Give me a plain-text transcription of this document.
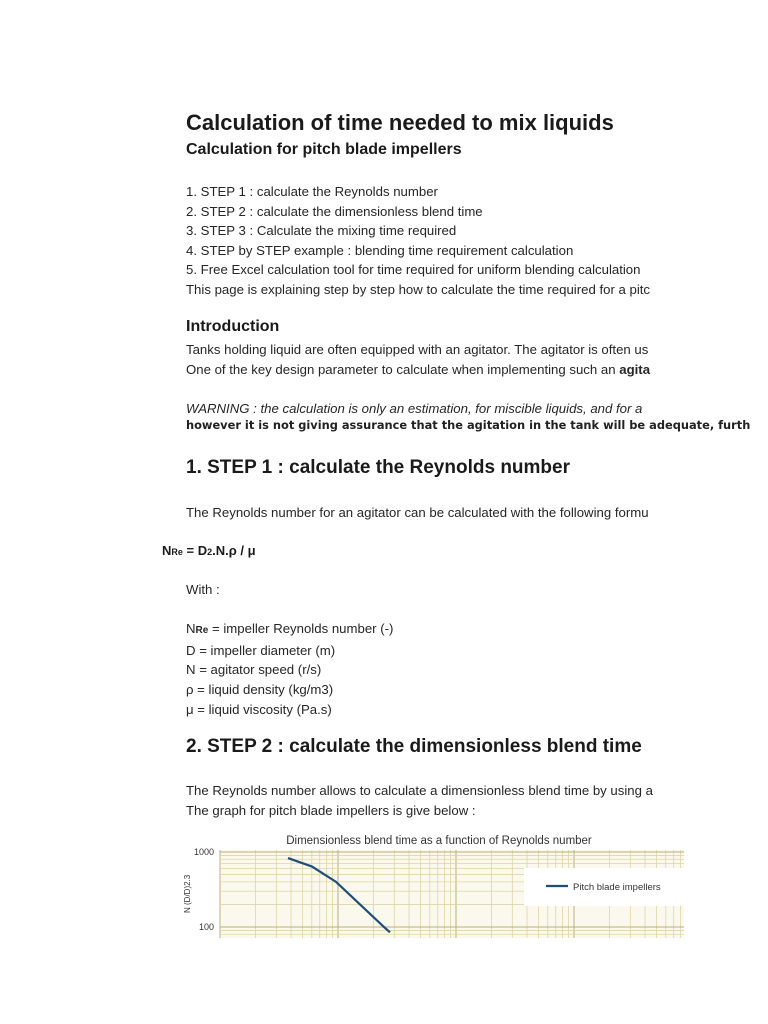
Calculation of time needed to mix liquids
Calculation for pitch blade impellers
1. STEP 1 : calculate the Reynolds number
2. STEP 2 : calculate the dimensionless blend time
3. STEP 3 : Calculate the mixing time required
4. STEP by STEP example : blending time requirement calculation
5. Free Excel calculation tool for time required for uniform blending calculation
This page is explaining step by step how to calculate the time required for a pitc
Introduction
Tanks holding liquid are often equipped with an agitator. The agitator is often us
One of the key design parameter to calculate when implementing such an agita
WARNING : the calculation is only an estimation, for miscible liquids, and for a
however it is not giving assurance that the agitation in the tank will be adequate, furth
1. STEP 1 : calculate the Reynolds number
The Reynolds number for an agitator can be calculated with the following formu
NRe = D2.N.ρ / μ
With :
NRe = impeller Reynolds number (-)
D = impeller diameter (m)
N = agitator speed (r/s)
ρ = liquid density (kg/m3)
μ = liquid viscosity (Pa.s)
2. STEP 2 : calculate the dimensionless blend time
The Reynolds number allows to calculate a dimensionless blend time by using a
The graph for pitch blade impellers is give below :
Dimensionless blend time as a function of Reynolds number
1000
100
N (D/D)2.3	Pitch blade impellers
